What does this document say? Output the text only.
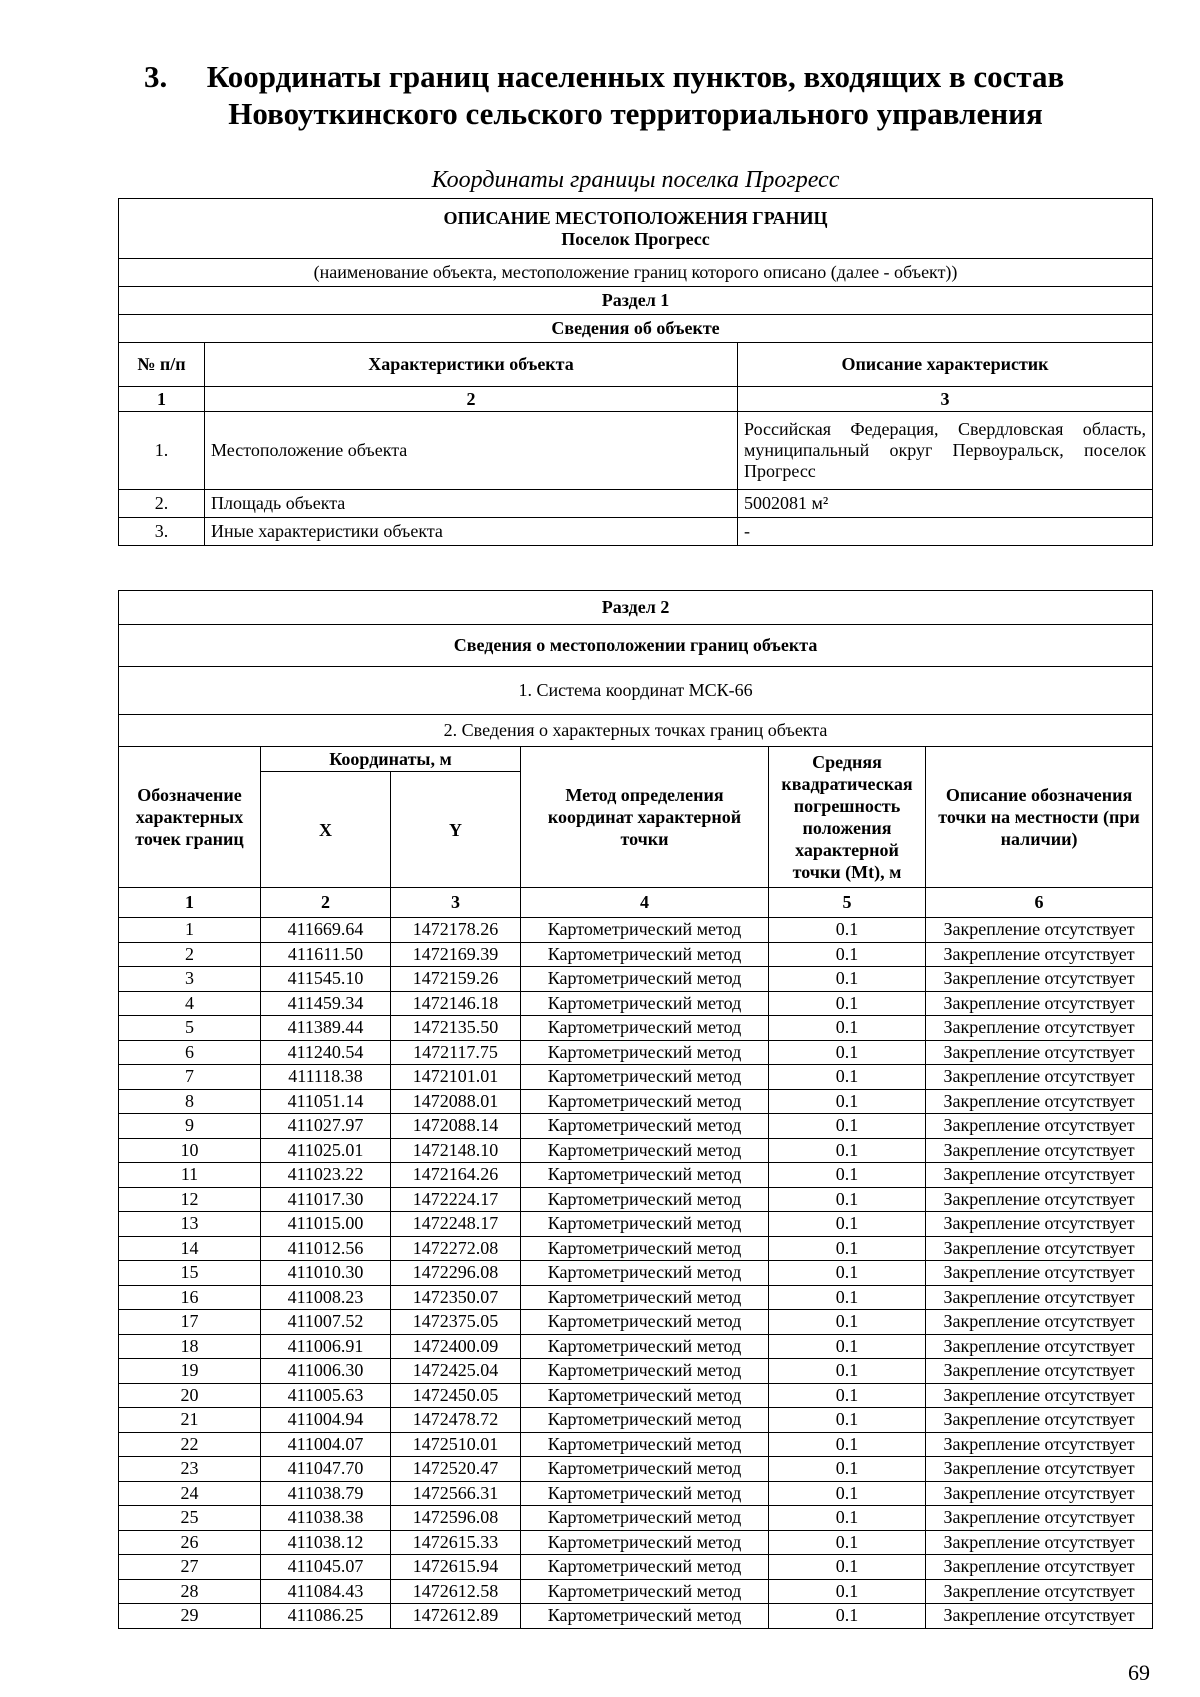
3.	Координаты границ населенных пунктов, входящих в состав
Новоуткинского сельского территориального управления
Координаты границы поселка Прогресс
ОПИСАНИЕ МЕСТОПОЛОЖЕНИЯ ГРАНИЦ
Поселок Прогресс		

(наименование объекта, местоположение границ которого описано (далее - объект))		
Раздел 1		
Сведения об объекте		
№ п/п	Характеристики объекта	Описание характеристик
1	2	3
1.	Местоположение объекта	Российская Федерация, Свердловская область, муниципальный округ Первоуральск, поселок Прогресс
2.	Площадь объекта	5002081 м²
3.	Иные характеристики объекта	-
Раздел 2					
Сведения о местоположении границ объекта					
1. Система координат МСК-66					
2. Сведения о характерных точках границ объекта					
Обозначение характерных точек границ	Координаты, м		Метод определения координат характерной точки	Средняя квадратическая погрешность положения характерной точки (Mt), м	Описание обозначения точки на местности (при наличии)
	X	Y			
1	2	3	4	5	6
1	411669.64	1472178.26	Картометрический метод	0.1	Закрепление отсутствует
2	411611.50	1472169.39	Картометрический метод	0.1	Закрепление отсутствует
3	411545.10	1472159.26	Картометрический метод	0.1	Закрепление отсутствует
4	411459.34	1472146.18	Картометрический метод	0.1	Закрепление отсутствует
5	411389.44	1472135.50	Картометрический метод	0.1	Закрепление отсутствует
6	411240.54	1472117.75	Картометрический метод	0.1	Закрепление отсутствует
7	411118.38	1472101.01	Картометрический метод	0.1	Закрепление отсутствует
8	411051.14	1472088.01	Картометрический метод	0.1	Закрепление отсутствует
9	411027.97	1472088.14	Картометрический метод	0.1	Закрепление отсутствует
10	411025.01	1472148.10	Картометрический метод	0.1	Закрепление отсутствует
11	411023.22	1472164.26	Картометрический метод	0.1	Закрепление отсутствует
12	411017.30	1472224.17	Картометрический метод	0.1	Закрепление отсутствует
13	411015.00	1472248.17	Картометрический метод	0.1	Закрепление отсутствует
14	411012.56	1472272.08	Картометрический метод	0.1	Закрепление отсутствует
15	411010.30	1472296.08	Картометрический метод	0.1	Закрепление отсутствует
16	411008.23	1472350.07	Картометрический метод	0.1	Закрепление отсутствует
17	411007.52	1472375.05	Картометрический метод	0.1	Закрепление отсутствует
18	411006.91	1472400.09	Картометрический метод	0.1	Закрепление отсутствует
19	411006.30	1472425.04	Картометрический метод	0.1	Закрепление отсутствует
20	411005.63	1472450.05	Картометрический метод	0.1	Закрепление отсутствует
21	411004.94	1472478.72	Картометрический метод	0.1	Закрепление отсутствует
22	411004.07	1472510.01	Картометрический метод	0.1	Закрепление отсутствует
23	411047.70	1472520.47	Картометрический метод	0.1	Закрепление отсутствует
24	411038.79	1472566.31	Картометрический метод	0.1	Закрепление отсутствует
25	411038.38	1472596.08	Картометрический метод	0.1	Закрепление отсутствует
26	411038.12	1472615.33	Картометрический метод	0.1	Закрепление отсутствует
27	411045.07	1472615.94	Картометрический метод	0.1	Закрепление отсутствует
28	411084.43	1472612.58	Картометрический метод	0.1	Закрепление отсутствует
29	411086.25	1472612.89	Картометрический метод	0.1	Закрепление отсутствует
69
